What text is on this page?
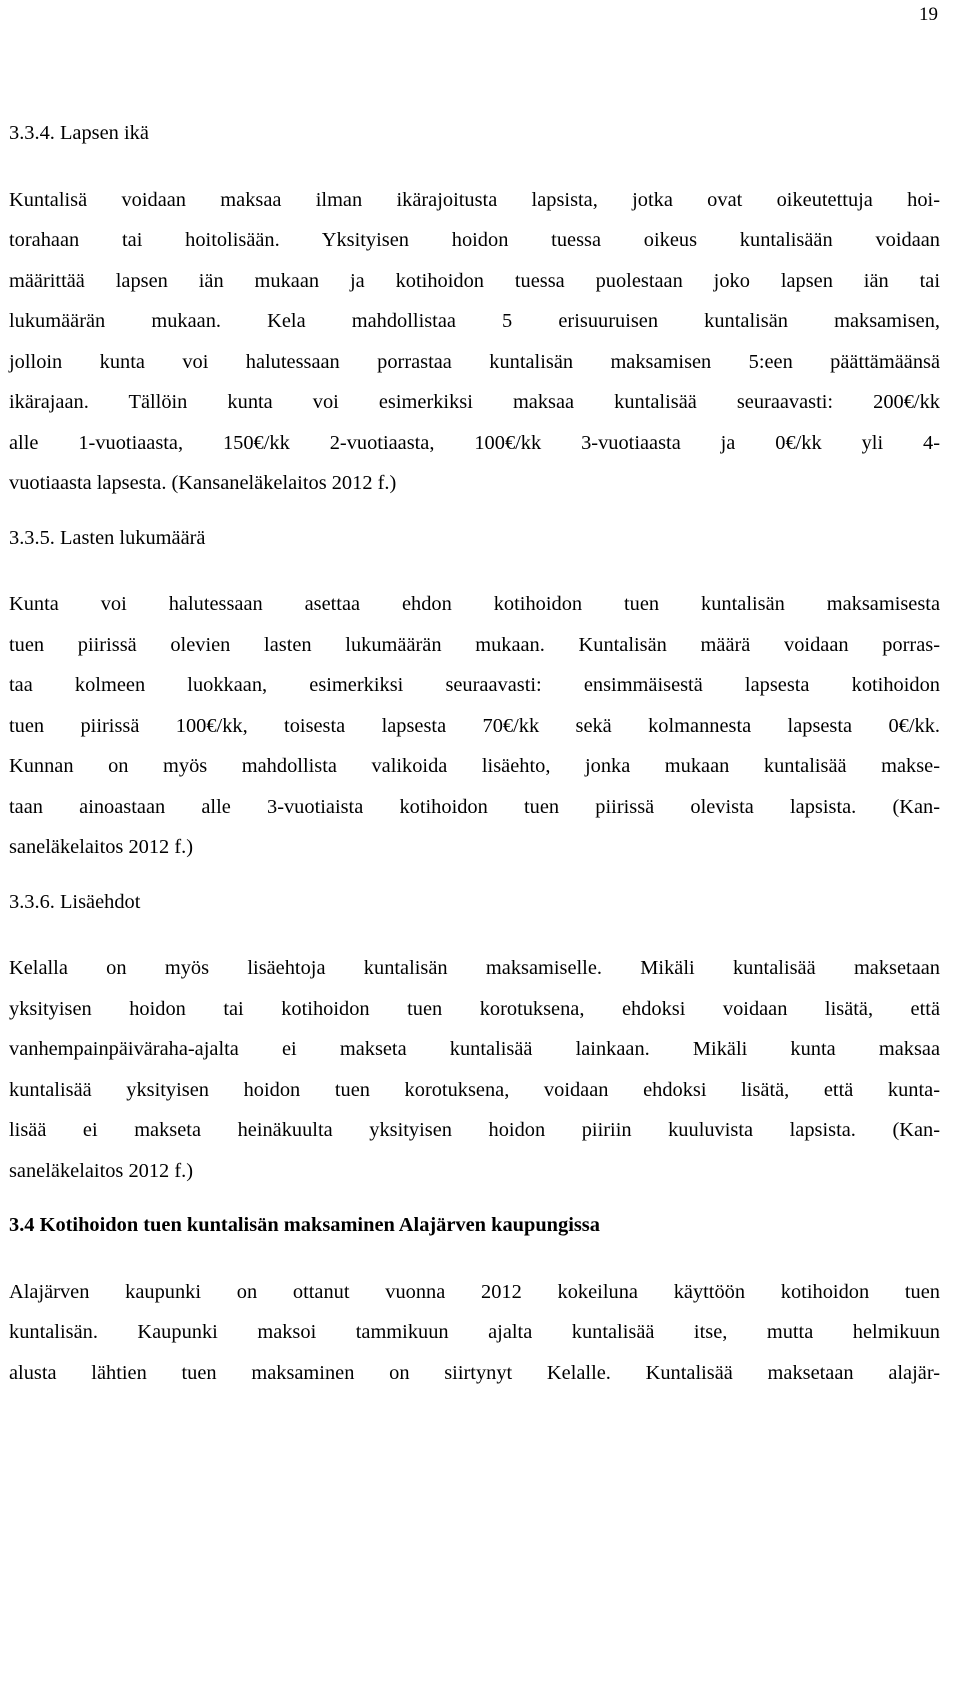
19
3.3.4. Lapsen ikä
Kuntalisä voidaan maksaa ilman ikärajoitusta lapsista, jotka ovat oikeutettuja hoi-
torahaan tai hoitolisään. Yksityisen hoidon tuessa oikeus kuntalisään voidaan
määrittää lapsen iän mukaan ja kotihoidon tuessa puolestaan joko lapsen iän tai
lukumäärän mukaan. Kela mahdollistaa 5 erisuuruisen kuntalisän maksamisen,
jolloin kunta voi halutessaan porrastaa kuntalisän maksamisen 5:een päättämäänsä
ikärajaan. Tällöin kunta voi esimerkiksi maksaa kuntalisää seuraavasti: 200€/kk
alle 1-vuotiaasta, 150€/kk 2-vuotiaasta, 100€/kk 3-vuotiaasta ja 0€/kk yli 4-
vuotiaasta lapsesta. (Kansaneläkelaitos 2012 f.)
3.3.5. Lasten lukumäärä
Kunta voi halutessaan asettaa ehdon kotihoidon tuen kuntalisän maksamisesta
tuen piirissä olevien lasten lukumäärän mukaan. Kuntalisän määrä voidaan porras-
taa kolmeen luokkaan, esimerkiksi seuraavasti: ensimmäisestä lapsesta kotihoidon
tuen piirissä 100€/kk, toisesta lapsesta 70€/kk sekä kolmannesta lapsesta 0€/kk.
Kunnan on myös mahdollista valikoida lisäehto, jonka mukaan kuntalisää makse-
taan ainoastaan alle 3-vuotiaista kotihoidon tuen piirissä olevista lapsista. (Kan-
saneläkelaitos 2012 f.)
3.3.6. Lisäehdot
Kelalla on myös lisäehtoja kuntalisän maksamiselle. Mikäli kuntalisää maksetaan
yksityisen hoidon tai kotihoidon tuen korotuksena, ehdoksi voidaan lisätä, että
vanhempainpäiväraha-ajalta ei makseta kuntalisää lainkaan. Mikäli kunta maksaa
kuntalisää yksityisen hoidon tuen korotuksena, voidaan ehdoksi lisätä, että kunta-
lisää ei makseta heinäkuulta yksityisen hoidon piiriin kuuluvista lapsista. (Kan-
saneläkelaitos 2012 f.)
3.4 Kotihoidon tuen kuntalisän maksaminen Alajärven kaupungissa
Alajärven kaupunki on ottanut vuonna 2012 kokeiluna käyttöön kotihoidon tuen
kuntalisän. Kaupunki maksoi tammikuun ajalta kuntalisää itse, mutta helmikuun
alusta lähtien tuen maksaminen on siirtynyt Kelalle. Kuntalisää maksetaan alajär-
